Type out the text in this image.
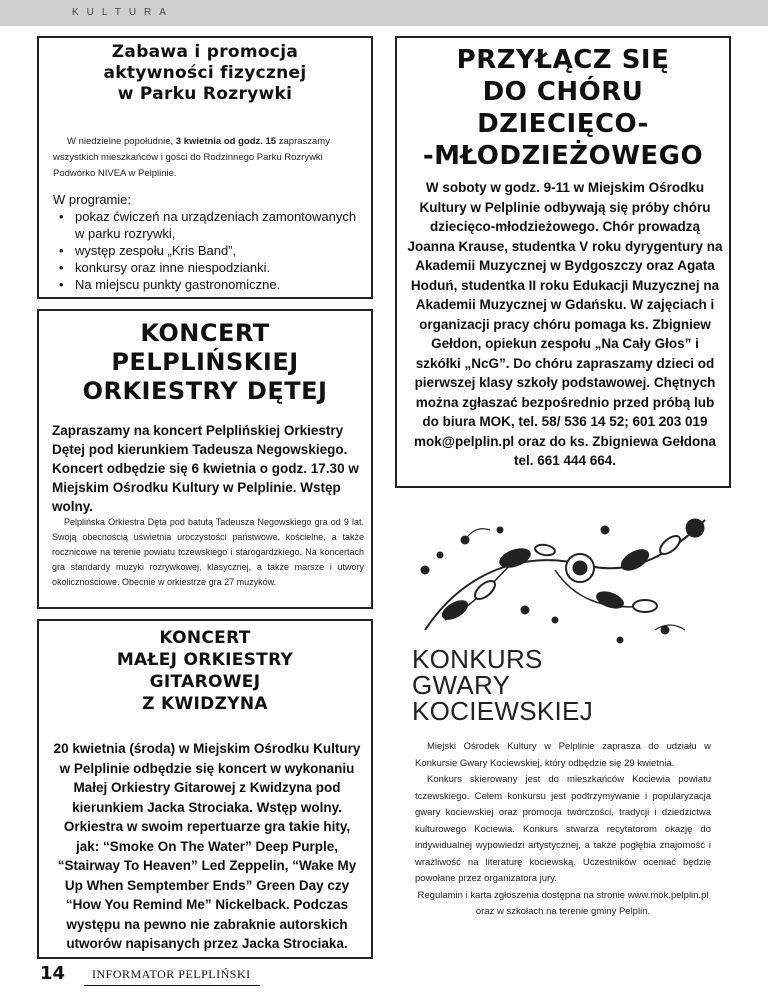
KULTURA
Zabawa i promocja
aktywności fizycznej
w Parku Rozrywki
W niedzielne popołudnie, 3 kwietnia od godz. 15 zapraszamy wszystkich mieszkańców i gości do Rodzinnego Parku Rozrywki Podwórko NIVEA w Pelplinie.
W programie:
• pokaz ćwiczeń na urządzeniach zamontowanych w parku rozrywki,
• występ zespołu „Kris Band”,
• konkursy oraz inne niespodzianki.
• Na miejscu punkty gastronomiczne.
KONCERT
PELPLIŃSKIEJ
ORKIESTRY DĘTEJ
Zapraszamy na koncert Pelplińskiej Orkiestry Dętej pod kierunkiem Tadeusza Negowskiego. Koncert odbędzie się 6 kwietnia o godz. 17.30 w Miejskim Ośrodku Kultury w Pelplinie. Wstęp wolny.
Pelplińska Orkiestra Dęta pod batutą Tadeusza Negowskiego gra od 9 lat. Swoją obecnością uświetnia uroczystości państwowe, kościelne, a także rocznicowe na terenie powiatu tczewskiego i starogardzkiego. Na koncertach gra standardy muzyki rozrywkowej, klasycznej, a także marsze i utwory okolicznościowe. Obecnie w orkiestrze gra 27 muzyków.
KONCERT
MAŁEJ ORKIESTRY
GITAROWEJ
Z KWIDZYNA
20 kwietnia (środa) w Miejskim Ośrodku Kultury w Pelplinie odbędzie się koncert w wykonaniu Małej Orkiestry Gitarowej z Kwidzyna pod kierunkiem Jacka Strociaka. Wstęp wolny. Orkiestra w swoim repertuarze gra takie hity, jak: “Smoke On The Water” Deep Purple, “Stairway To Heaven” Led Zeppelin, “Wake My Up When Semptember Ends” Green Day czy “How You Remind Me” Nickelback. Podczas występu na pewno nie zabraknie autorskich utworów napisanych przez Jacka Strociaka.
PRZYŁĄCZ SIĘ
DO CHÓRU
DZIECIĘCO-
-MŁODZIEŻOWEGO
W soboty w godz. 9-11 w Miejskim Ośrodku Kultury w Pelplinie odbywają się próby chóru dziecięco-młodzieżowego. Chór prowadzą Joanna Krause, studentka V roku dyrygentury na Akademii Muzycznej w Bydgoszczy oraz Agata Hoduń, studentka II roku Edukacji Muzycznej na Akademii Muzycznej w Gdańsku. W zajęciach i organizacji pracy chóru pomaga ks. Zbigniew Gełdon, opiekun zespołu „Na Cały Głos” i szkółki „NcG”. Do chóru zapraszamy dzieci od pierwszej klasy szkoły podstawowej. Chętnych można zgłaszać bezpośrednio przed próbą lub do biura MOK, tel. 58/ 536 14 52; 601 203 019 mok@pelplin.pl oraz do ks. Zbigniewa Gełdona tel. 661 444 664.
KONKURS
GWARY
KOCIEWSKIEJ

Miejski Ośrodek Kultury w Pelplinie zaprasza do udziału w Konkursie Gwary Kociewskiej, który odbędzie się 29 kwietnia.

Konkurs skierowany jest do mieszkańców Kociewia powiatu tczewskiego. Celem konkursu jest podtrzymywanie i popularyzacja gwary kociewskiej oraz promocja twórczości, tradycji i dziedzictwa kulturowego Kociewia. Konkurs stwarza recytatorom okazję do indywidualnej wypowiedzi artystycznej, a także pogłębia znajomość i wrażliwość na literaturę kociewską. Uczestników oceniać będzie powołane przez organizatora jury.

Regulamin i karta zgłoszenia dostępna na stronie www.mok.pelplin.pl oraz w szkołach na terenie gminy Pelplin.

14 INFORMATOR PELPLIŃSKI
